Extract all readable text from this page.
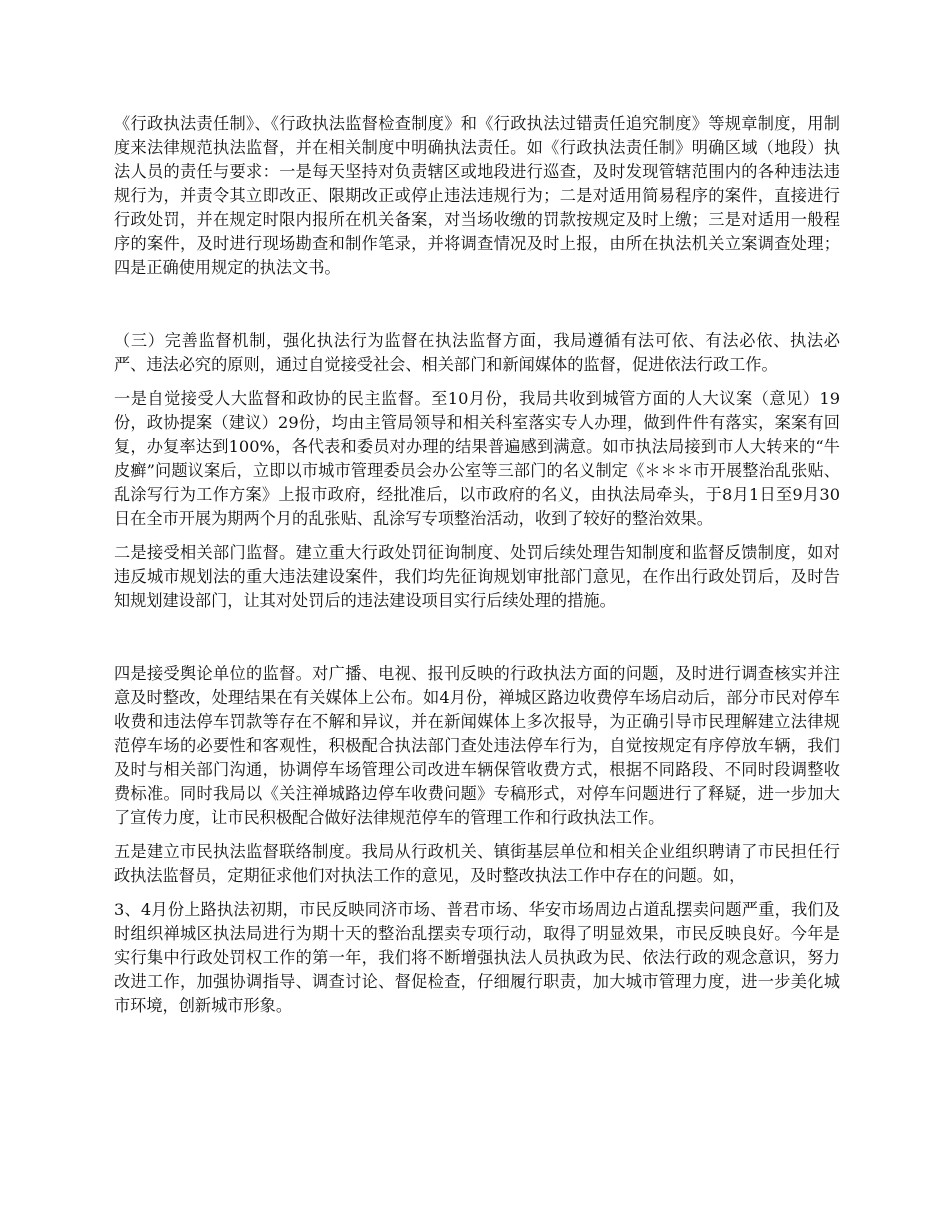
《行政执法责任制》、《行政执法监督检查制度》和《行政执法过错责任追究制度》等规章制度，用制度来法律规范执法监督，并在相关制度中明确执法责任。如《行政执法责任制》明确区域（地段）执法人员的责任与要求：一是每天坚持对负责辖区或地段进行巡查，及时发现管辖范围内的各种违法违规行为，并责令其立即改正、限期改正或停止违法违规行为；二是对适用简易程序的案件，直接进行行政处罚，并在规定时限内报所在机关备案，对当场收缴的罚款按规定及时上缴；三是对适用一般程序的案件，及时进行现场勘查和制作笔录，并将调查情况及时上报，由所在执法机关立案调查处理；四是正确使用规定的执法文书。

（三）完善监督机制，强化执法行为监督在执法监督方面，我局遵循有法可依、有法必依、执法必严、违法必究的原则，通过自觉接受社会、相关部门和新闻媒体的监督，促进依法行政工作。

一是自觉接受人大监督和政协的民主监督。至10月份，我局共收到城管方面的人大议案（意见）19份，政协提案（建议）29份，均由主管局领导和相关科室落实专人办理，做到件件有落实，案案有回复，办复率达到100%，各代表和委员对办理的结果普遍感到满意。如市执法局接到市人大转来的“牛皮癣”问题议案后，立即以市城市管理委员会办公室等三部门的名义制定《＊＊＊市开展整治乱张贴、乱涂写行为工作方案》上报市政府，经批准后，以市政府的名义，由执法局牵头，于8月1日至9月30日在全市开展为期两个月的乱张贴、乱涂写专项整治活动，收到了较好的整治效果。

二是接受相关部门监督。建立重大行政处罚征询制度、处罚后续处理告知制度和监督反馈制度，如对违反城市规划法的重大违法建设案件，我们均先征询规划审批部门意见，在作出行政处罚后，及时告知规划建设部门，让其对处罚后的违法建设项目实行后续处理的措施。

四是接受舆论单位的监督。对广播、电视、报刊反映的行政执法方面的问题，及时进行调查核实并注意及时整改，处理结果在有关媒体上公布。如4月份，禅城区路边收费停车场启动后，部分市民对停车收费和违法停车罚款等存在不解和异议，并在新闻媒体上多次报导，为正确引导市民理解建立法律规范停车场的必要性和客观性，积极配合执法部门查处违法停车行为，自觉按规定有序停放车辆，我们及时与相关部门沟通，协调停车场管理公司改进车辆保管收费方式，根据不同路段、不同时段调整收费标准。同时我局以《关注禅城路边停车收费问题》专稿形式，对停车问题进行了释疑，进一步加大了宣传力度，让市民积极配合做好法律规范停车的管理工作和行政执法工作。

五是建立市民执法监督联络制度。我局从行政机关、镇街基层单位和相关企业组织聘请了市民担任行政执法监督员，定期征求他们对执法工作的意见，及时整改执法工作中存在的问题。如，

3、4月份上路执法初期，市民反映同济市场、普君市场、华安市场周边占道乱摆卖问题严重，我们及时组织禅城区执法局进行为期十天的整治乱摆卖专项行动，取得了明显效果，市民反映良好。今年是实行集中行政处罚权工作的第一年，我们将不断增强执法人员执政为民、依法行政的观念意识，努力改进工作，加强协调指导、调查讨论、督促检查，仔细履行职责，加大城市管理力度，进一步美化城市环境，创新城市形象。
